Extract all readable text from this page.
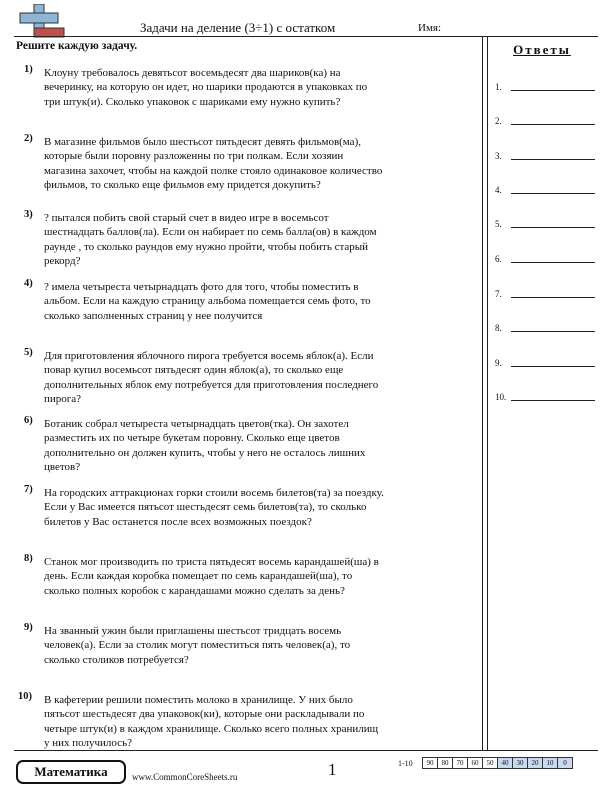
Задачи на деление (3÷1) с остатком	Имя:
Решите каждую задачу.	Ответы
1.
2.
3.
4.
5.
6.
7.
8.
9.
10.
1) Клоуну требовалось девятьсот восемьдесят два шариков(ка) на вечеринку, на которую он идет, но шарики продаются в упаковках по три штук(и). Сколько упаковок с шариками ему нужно купить?
2) В магазине фильмов было шестьсот пятьдесят девять фильмов(ма), которые были поровну разложенны по три полкам. Если хозяин магазина захочет, чтобы на каждой полке стояло одинаковое количество фильмов, то сколько еще фильмов ему придется докупить?
3) ? пытался побить свой старый счет в видео игре в восемьсот шестнадцать баллов(ла). Если он набирает по семь балла(ов) в каждом раунде , то сколько раундов ему нужно пройти, чтобы побить старый рекорд?
4) ? имела четыреста четырнадцать фото для того, чтобы поместить в альбом. Если на каждую страницу альбома помещается семь фото, то сколько заполненных страниц у нее получится
5) Для приготовления яблочного пирога требуется восемь яблок(а). Если повар купил восемьсот пятьдесят один яблок(а), то сколько еще дополнительных яблок ему потребуется для приготовления последнего пирога?
6) Ботаник собрал четыреста четырнадцать цветов(тка). Он захотел разместить их по четыре букетам поровну. Сколько еще цветов дополнительно он должен купить, чтобы у него не осталось лишних цветов?
7) На городских аттракционах горки стоили восемь билетов(та) за поездку. Если у Вас имеется пятьсот шестьдесят семь билетов(та), то сколько билетов у Вас останется после всех возможных поездок?
8) Станок мог производить по триста пятьдесят восемь карандашей(ша) в день. Если каждая коробка помещает по семь карандашей(ша), то сколько полных коробок с карандашами можно сделать за день?
9) На званный ужин были приглашены шестьсот тридцать восемь человек(а). Если за столик могут поместиться пять человек(а), то сколько столиков потребуется?
10) В кафетерии решили поместить молоко в хранилище. У них было пятьсот шестьдесят два упаковок(ки), которые они раскладывали по четыре штук(и) в каждом хранилище. Сколько всего полных хранилищ у них получилось?
Математика	www.CommonCoreSheets.ru	1	1-10	90	80	70	60	50	40	30	20	10	0
